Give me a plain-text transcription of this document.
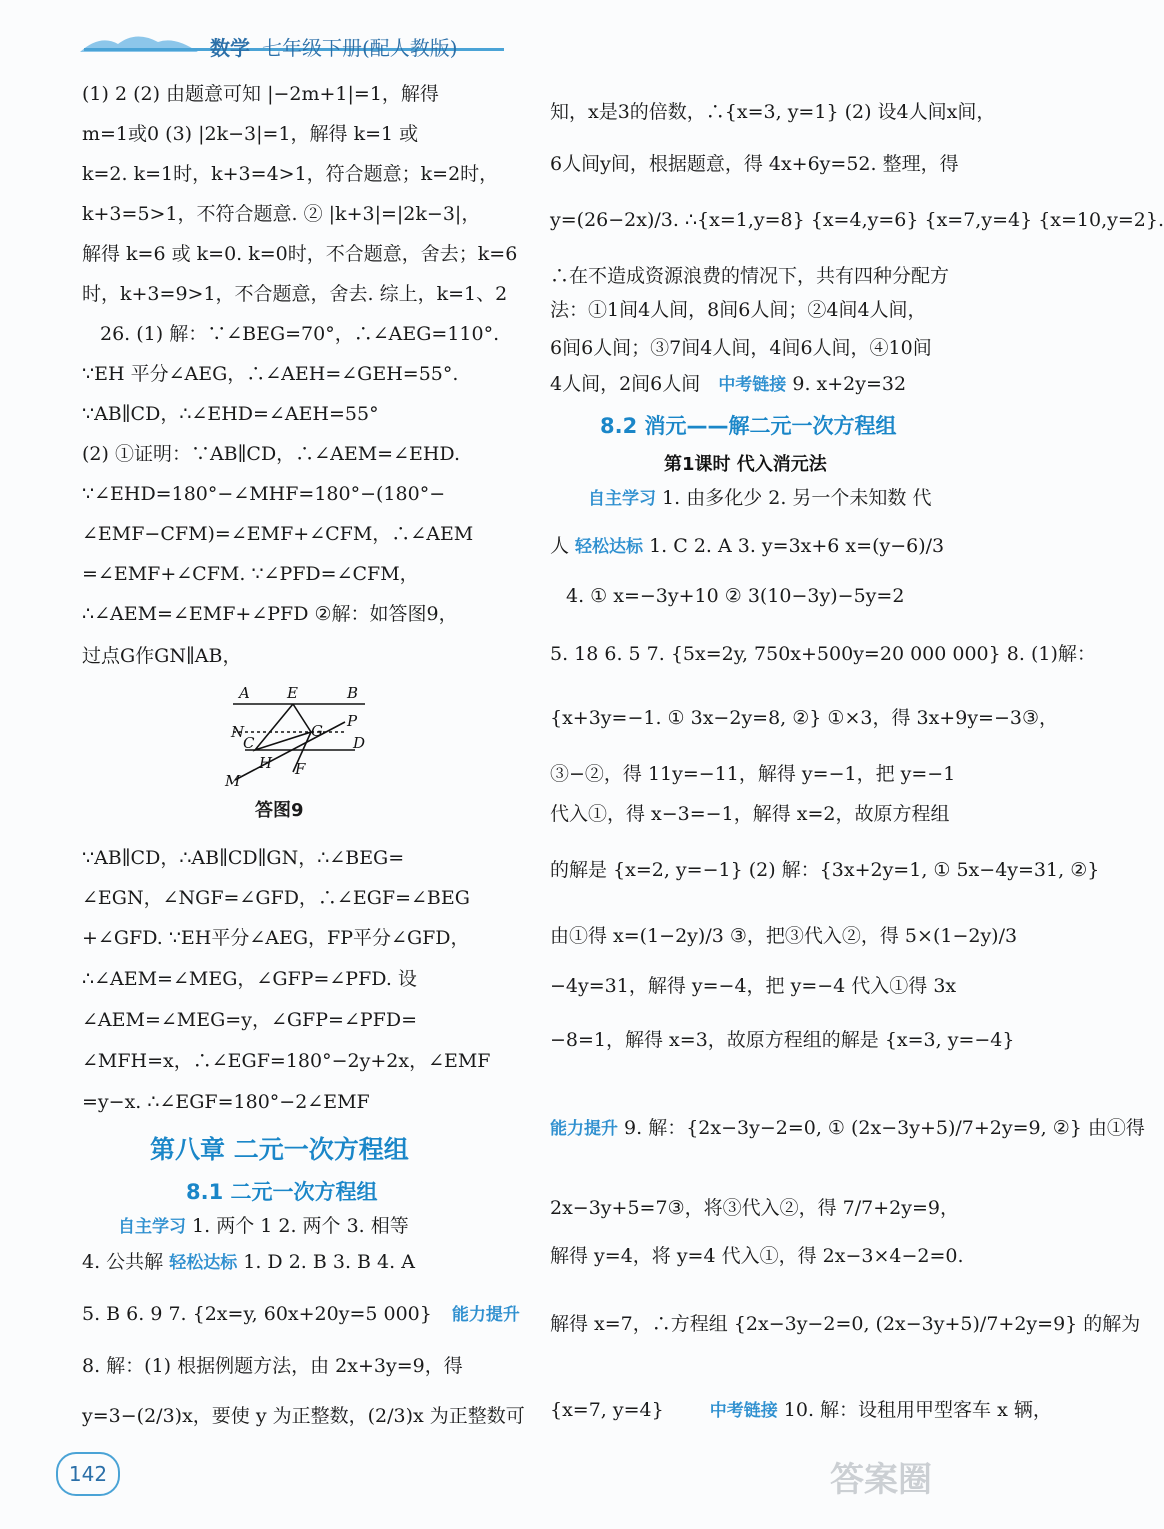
数学 七年级下册(配人教版)
(1) 2 (2) 由题意可知 |−2m+1|=1，解得
m=1或0 (3) |2k−3|=1，解得 k=1 或
k=2. k=1时，k+3=4>1，符合题意；k=2时，
k+3=5>1，不符合题意. ② |k+3|=|2k−3|，
解得 k=6 或 k=0. k=0时，不合题意，舍去；k=6
时，k+3=9>1，不合题意，舍去. 综上，k=1、2
26. (1) 解：∵∠BEG=70°，∴∠AEG=110°.
∵EH 平分∠AEG，∴∠AEH=∠GEH=55°.
∵AB∥CD，∴∠EHD=∠AEH=55°
(2) ①证明：∵AB∥CD，∴∠AEM=∠EHD.
∵∠EHD=180°−∠MHF=180°−(180°−
∠EMF−CFM)=∠EMF+∠CFM，∴∠AEM
=∠EMF+∠CFM. ∵∠PFD=∠CFM，
∴∠AEM=∠EMF+∠PFD ②解：如答图9，
过点G作GN∥AB，
A E	B
N
C
G
P
D
H F
M
答图9
∵AB∥CD，∴AB∥CD∥GN，∴∠BEG=
∠EGN，∠NGF=∠GFD，∴∠EGF=∠BEG
+∠GFD. ∵EH平分∠AEG，FP平分∠GFD，
∴∠AEM=∠MEG，∠GFP=∠PFD. 设
∠AEM=∠MEG=y，∠GFP=∠PFD=
∠MFH=x，∴∠EGF=180°−2y+2x，∠EMF
=y−x. ∴∠EGF=180°−2∠EMF
第八章 二元一次方程组
8.1 二元一次方程组
自主学习 1. 两个 1 2. 两个 3. 相等
4. 公共解 轻松达标 1. D 2. B 3. B 4. A
5. B 6. 9 7. {2x=y, 60x+20y=5 000} 能力提升
8. 解：(1) 根据例题方法，由 2x+3y=9，得
y=3−(2/3)x，要使 y 为正整数，(2/3)x 为正整数可
知，x是3的倍数，∴{x=3, y=1} (2) 设4人间x间，
6人间y间，根据题意，得 4x+6y=52. 整理，得
y=(26−2x)/3. ∴{x=1,y=8} {x=4,y=6} {x=7,y=4} {x=10,y=2}.
∴在不造成资源浪费的情况下，共有四种分配方
法：①1间4人间，8间6人间；②4间4人间，
6间6人间；③7间4人间，4间6人间，④10间
4人间，2间6人间 中考链接 9. x+2y=32
8.2 消元——解二元一次方程组
第1课时 代入消元法
自主学习 1. 由多化少 2. 另一个未知数 代
人 轻松达标 1. C 2. A 3. y=3x+6 x=(y−6)/3
4. ① x=−3y+10 ② 3(10−3y)−5y=2
5. 18 6. 5 7. {5x=2y, 750x+500y=20 000 000} 8. (1)解：
{x+3y=−1. ① 3x−2y=8, ②} ①×3，得 3x+9y=−3③，
③−②，得 11y=−11，解得 y=−1，把 y=−1
代入①，得 x−3=−1，解得 x=2，故原方程组
的解是 {x=2, y=−1} (2) 解：{3x+2y=1, ① 5x−4y=31, ②}
由①得 x=(1−2y)/3 ③，把③代入②，得 5×(1−2y)/3
−4y=31，解得 y=−4，把 y=−4 代入①得 3x
−8=1，解得 x=3，故原方程组的解是 {x=3, y=−4}
能力提升 9. 解：{2x−3y−2=0, ① (2x−3y+5)/7+2y=9, ②} 由①得
2x−3y+5=7③，将③代入②，得 7/7+2y=9，
解得 y=4，将 y=4 代入①，得 2x−3×4−2=0.
解得 x=7，∴方程组 {2x−3y−2=0, (2x−3y+5)/7+2y=9} 的解为
{x=7, y=4} 中考链接 10. 解：设租用甲型客车 x 辆，
142	答案圈
